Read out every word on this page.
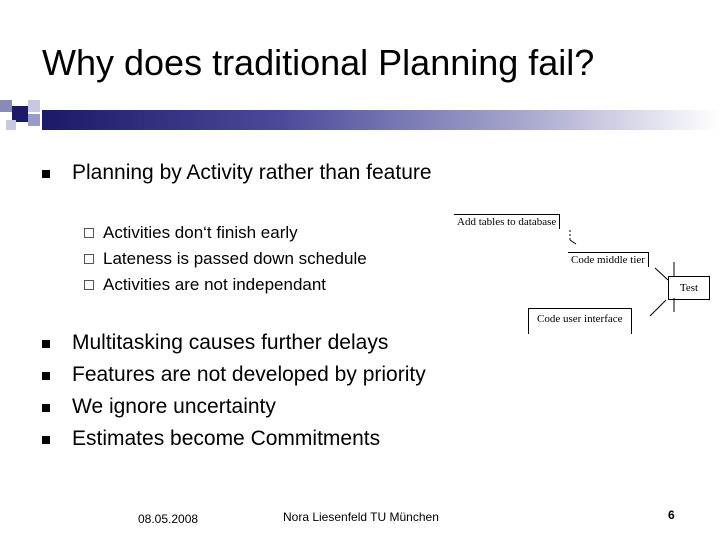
Why does traditional Planning fail?
Planning by Activity rather than feature
Activities don‘t finish early
Lateness is passed down schedule
Activities are not independant
Multitasking causes further delays
Features are not developed by priority
We ignore uncertainty
Estimates become Commitments
Add tables to database
Code middle tier
Test
Code user interface
08.05.2008	Nora Liesenfeld TU München	6
